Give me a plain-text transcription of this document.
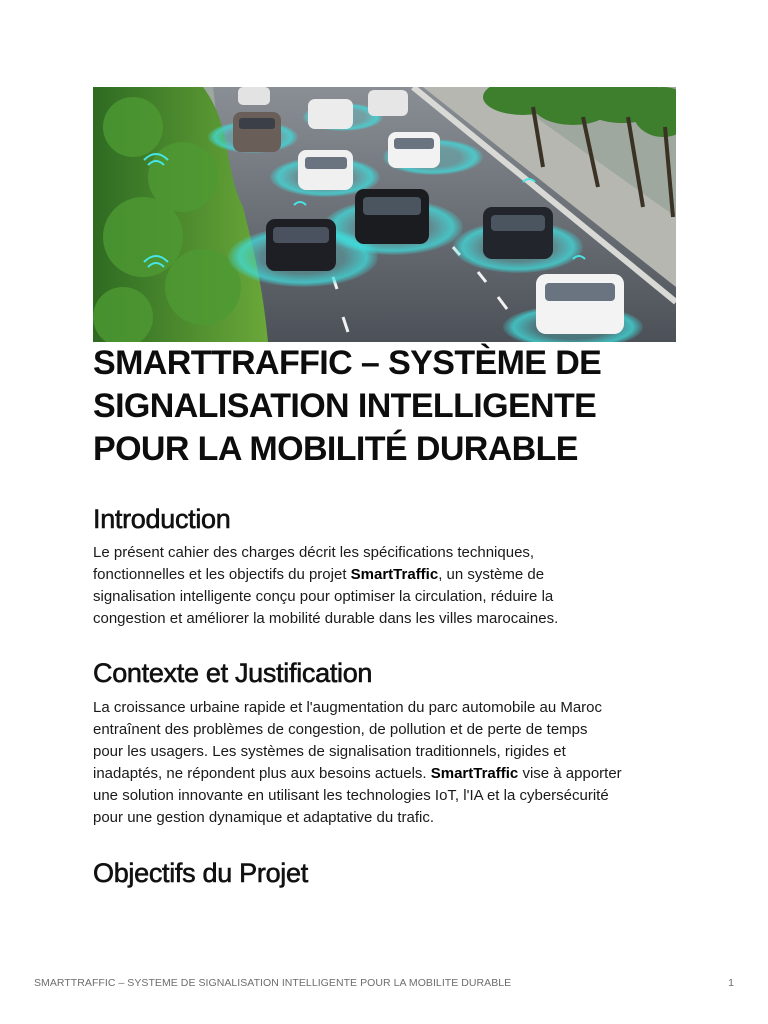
SMARTTRAFFIC – SYSTÈME DE
SIGNALISATION INTELLIGENTE
POUR LA MOBILITÉ DURABLE
Introduction

Le présent cahier des charges décrit les spécifications techniques,
fonctionnelles et les objectifs du projet SmartTraffic, un système de
signalisation intelligente conçu pour optimiser la circulation, réduire la
congestion et améliorer la mobilité durable dans les villes marocaines.

Contexte et Justification

La croissance urbaine rapide et l'augmentation du parc automobile au Maroc
entraînent des problèmes de congestion, de pollution et de perte de temps
pour les usagers. Les systèmes de signalisation traditionnels, rigides et
inadaptés, ne répondent plus aux besoins actuels. SmartTraffic vise à apporter
une solution innovante en utilisant les technologies IoT, l'IA et la cybersécurité
pour une gestion dynamique et adaptative du trafic.

Objectifs du Projet
SMARTTRAFFIC – SYSTEME DE SIGNALISATION INTELLIGENTE POUR LA MOBILITE DURABLE	1
